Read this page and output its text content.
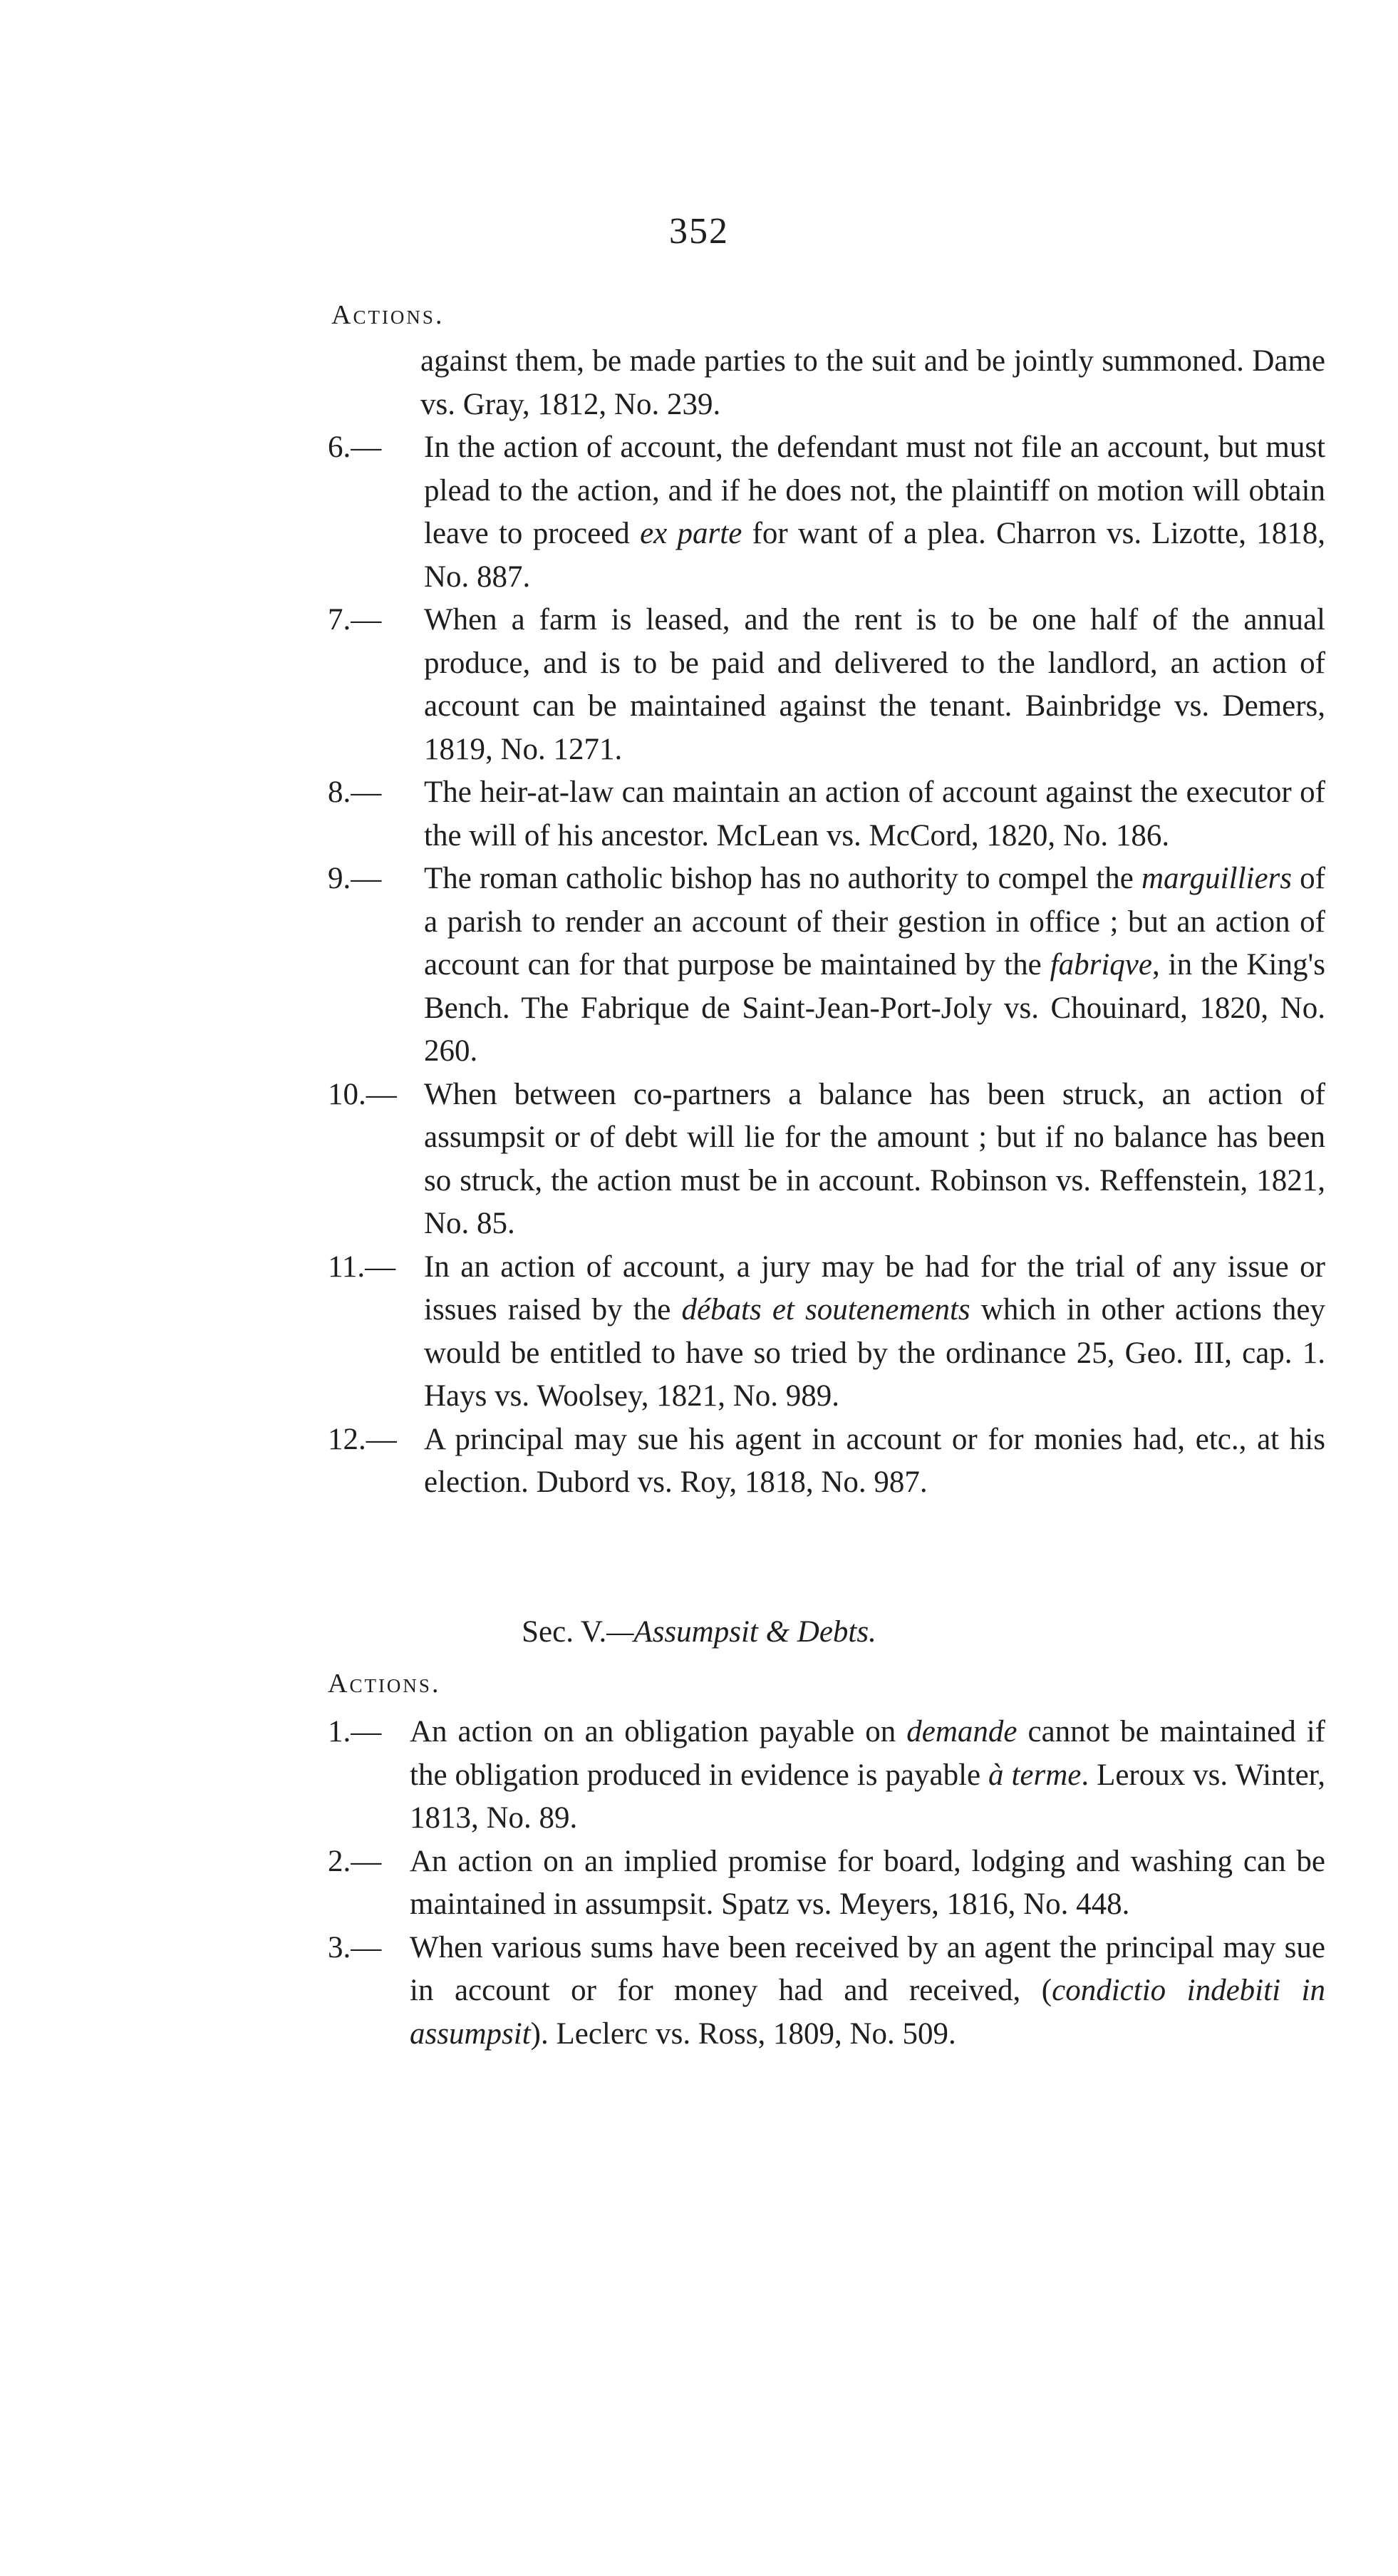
352
Actions.
against them, be made parties to the suit and be jointly summoned. Dame vs. Gray, 1812, No. 239.
6.—	In the action of account, the defendant must not file an account, but must plead to the action, and if he does not, the plaintiff on motion will obtain leave to proceed ex parte for want of a plea. Charron vs. Lizotte, 1818, No. 887.
7.—	When a farm is leased, and the rent is to be one half of the annual produce, and is to be paid and delivered to the landlord, an action of account can be maintained against the tenant. Bainbridge vs. Demers, 1819, No. 1271.
8.—	The heir-at-law can maintain an action of account against the executor of the will of his ancestor. McLean vs. McCord, 1820, No. 186.
9.—	The roman catholic bishop has no authority to compel the marguilliers of a parish to render an account of their gestion in office ; but an action of account can for that purpose be maintained by the fabriqve, in the King's Bench. The Fabrique de Saint-Jean-Port-Joly vs. Chouinard, 1820, No. 260.
10.— When between co-partners a balance has been struck, an action of assumpsit or of debt will lie for the amount ; but if no balance has been so struck, the action must be in account. Robinson vs. Reffenstein, 1821, No. 85.
11.— In an action of account, a jury may be had for the trial of any issue or issues raised by the débats et soutenements which in other actions they would be entitled to have so tried by the ordinance 25, Geo. III, cap. 1. Hays vs. Woolsey, 1821, No. 989.
12.— A principal may sue his agent in account or for monies had, etc., at his election. Dubord vs. Roy, 1818, No. 987.
Sec. V.—Assumpsit & Debts.
Actions.
1.— An action on an obligation payable on demande cannot be maintained if the obligation produced in evidence is payable à terme. Leroux vs. Winter, 1813, No. 89.
2.— An action on an implied promise for board, lodging and washing can be maintained in assumpsit. Spatz vs. Meyers, 1816, No. 448.
3.— When various sums have been received by an agent the principal may sue in account or for money had and received, (condictio indebiti in assumpsit). Leclerc vs. Ross, 1809, No. 509.
